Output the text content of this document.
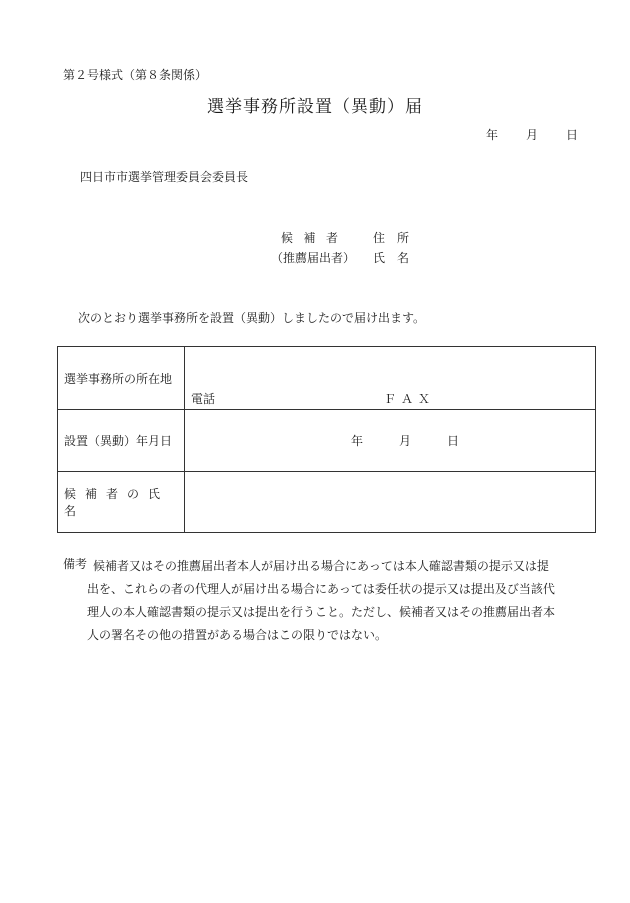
第２号様式（第８条関係）
選挙事務所設置（異動）届
年 月 日
四日市市選挙管理委員会委員長
候 補 者	住　所
（推薦届出者） 氏　名
次のとおり選挙事務所を設置（異動）しましたので届け出ます。
選挙事務所の所在地	電話 ＦＡＸ

設置（異動）年月日	年 月 日

候補者の氏名	
備考 候補者又はその推薦届出者本人が届け出る場合にあっては本人確認書類の提示又は提
出を、これらの者の代理人が届け出る場合にあっては委任状の提示又は提出及び当該代
理人の本人確認書類の提示又は提出を行うこと。ただし、候補者又はその推薦届出者本
人の署名その他の措置がある場合はこの限りではない。
